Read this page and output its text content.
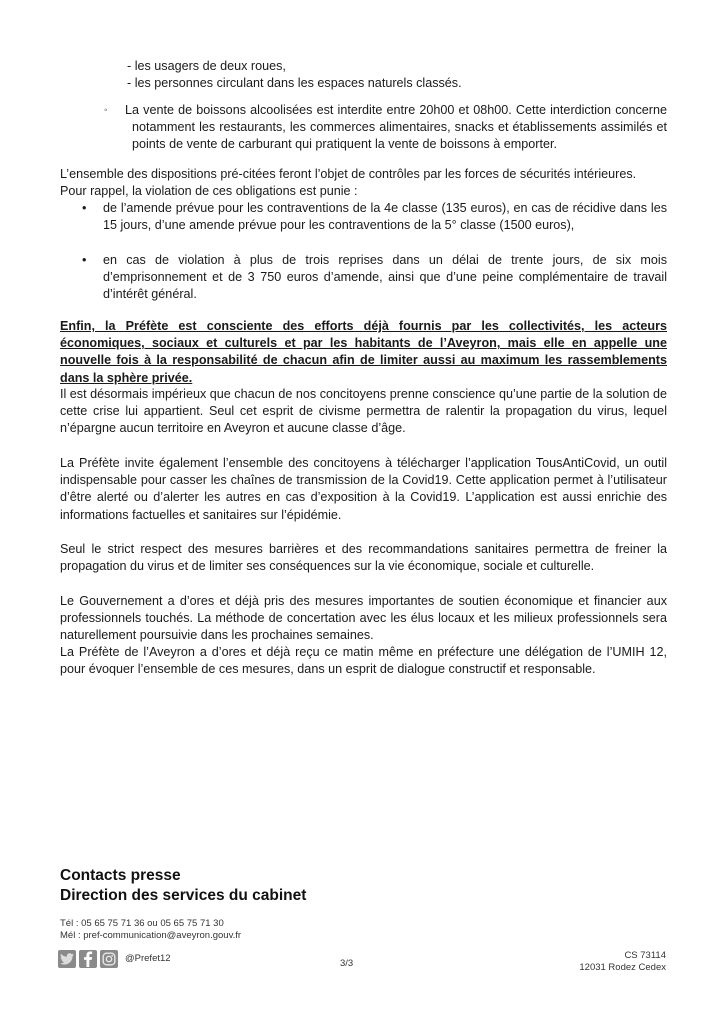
- les usagers de deux roues,
- les personnes circulant dans les espaces naturels classés.
◦ La vente de boissons alcoolisées est interdite entre 20h00 et 08h00. Cette interdiction concerne notamment les restaurants, les commerces alimentaires, snacks et établissements assimilés et points de vente de carburant qui pratiquent la vente de boissons à emporter.
L’ensemble des dispositions pré-citées feront l’objet de contrôles par les forces de sécurités intérieures.
Pour rappel, la violation de ces obligations est punie :
• de l’amende prévue pour les contraventions de la 4e classe (135 euros), en cas de récidive dans les 15 jours, d’une amende prévue pour les contraventions de la 5° classe (1500 euros),
• en cas de violation à plus de trois reprises dans un délai de trente jours, de six mois d’emprisonnement et de 3 750 euros d’amende, ainsi que d’une peine complémentaire de travail d’intérêt général.
Enfin, la Préfète est consciente des efforts déjà fournis par les collectivités, les acteurs économiques, sociaux et culturels et par les habitants de l’Aveyron, mais elle en appelle une nouvelle fois à la responsabilité de chacun afin de limiter aussi au maximum les rassemblements dans la sphère privée.
Il est désormais impérieux que chacun de nos concitoyens prenne conscience qu’une partie de la solution de cette crise lui appartient. Seul cet esprit de civisme permettra de ralentir la propagation du virus, lequel n’épargne aucun territoire en Aveyron et aucune classe d’âge.
La Préfète invite également l’ensemble des concitoyens à télécharger l’application TousAntiCovid, un outil indispensable pour casser les chaînes de transmission de la Covid19. Cette application permet à l’utilisateur d’être alerté ou d’alerter les autres en cas d’exposition à la Covid19. L’application est aussi enrichie des informations factuelles et sanitaires sur l’épidémie.
Seul le strict respect des mesures barrières et des recommandations sanitaires permettra de freiner la propagation du virus et de limiter ses conséquences sur la vie économique, sociale et culturelle.
Le Gouvernement a d’ores et déjà pris des mesures importantes de soutien économique et financier aux professionnels touchés. La méthode de concertation avec les élus locaux et les milieux professionnels sera naturellement poursuivie dans les prochaines semaines.
La Préfète de l’Aveyron a d’ores et déjà reçu ce matin même en préfecture une délégation de l’UMIH 12, pour évoquer l’ensemble de ces mesures, dans un esprit de dialogue constructif et responsable.
Contacts presse
Direction des services du cabinet
Tél : 05 65 75 71 36 ou 05 65 75 71 30
Mél : pref-communication@aveyron.gouv.fr
@Prefet12	3/3
CS 73114
12031 Rodez Cedex
